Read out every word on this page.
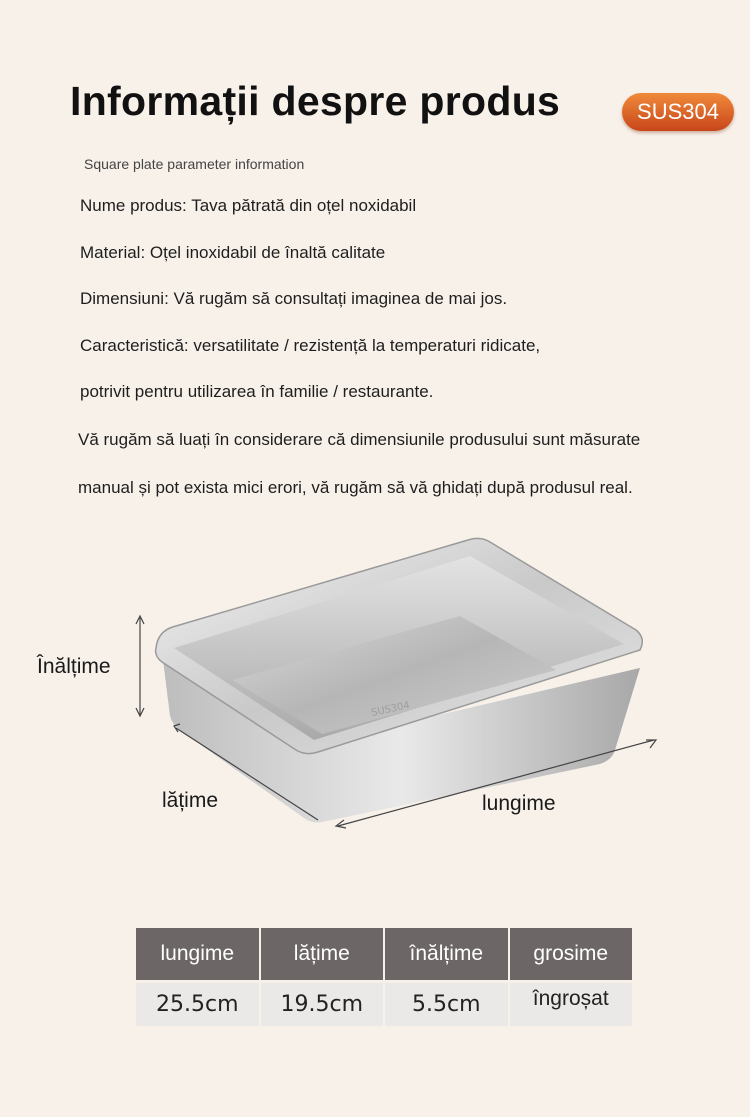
Informații despre produs	SUS304
Square plate parameter information
Nume produs: Tava pătrată din oțel noxidabil
Material: Oțel inoxidabil de înaltă calitate
Dimensiuni: Vă rugăm să consultați imaginea de mai jos.
Caracteristică: versatilitate / rezistență la temperaturi ridicate,
potrivit pentru utilizarea în familie / restaurante.
Vă rugăm să luați în considerare că dimensiunile produsului sunt măsurate
manual și pot exista mici erori, vă rugăm să vă ghidați după produsul real.
SUS304
Înălțime
lățime	lungime
lungime	lățime	înălțime	grosime
25.5cm	19.5cm	5.5cm	îngroșat
